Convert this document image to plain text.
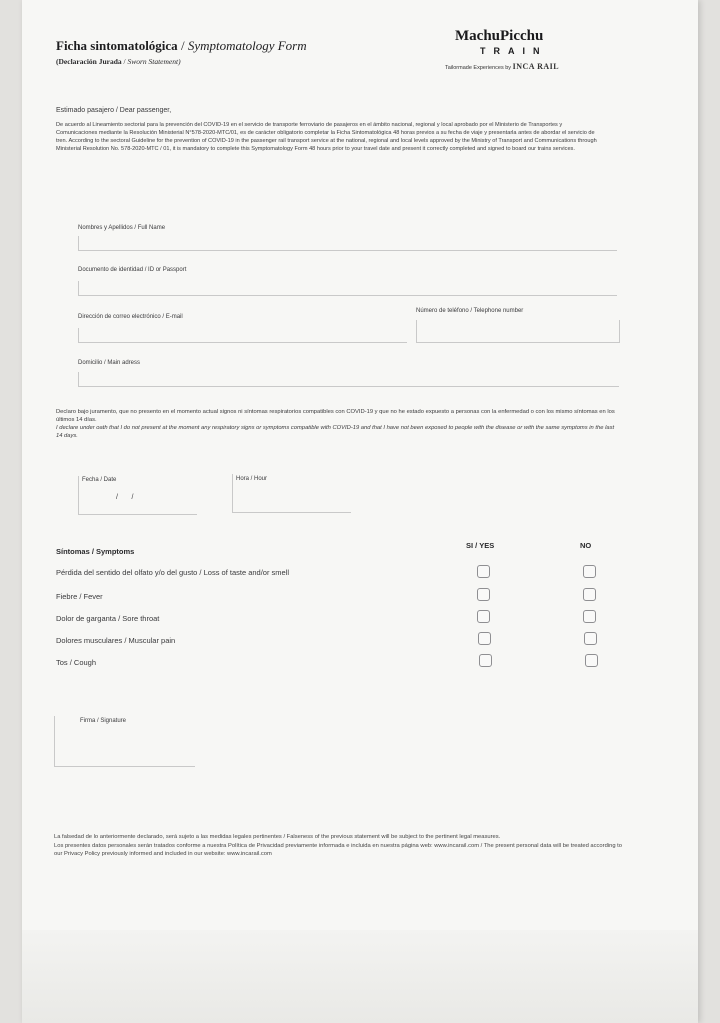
Ficha sintomatológica / Symptomatology Form
(Declaración Jurada / Sworn Statement)
MachuPicchu
TRAIN
Tailormade Experiences by INCA RAIL
Estimado pasajero / Dear passenger,
De acuerdo al Lineamiento sectorial para la prevención del COVID-19 en el servicio de transporte ferroviario de pasajeros en el ámbito nacional, regional y local aprobado por el Ministerio de Transportes y Comunicaciones mediante la Resolución Ministerial N°578-2020-MTC/01, es de carácter obligatorio completar la Ficha Sintomatológica 48 horas previos a su fecha de viaje y presentarla antes de abordar el servicio de tren. According to the sectoral Guideline for the prevention of COVID-19 in the passenger rail transport service at the national, regional and local levels approved by the Ministry of Transport and Communications through Ministerial Resolution No. 578-2020-MTC / 01, it is mandatory to complete this Symptomatology Form 48 hours prior to your travel date and present it correctly completed and signed to board our trains services.
Nombres y Apellidos / Full Name
Documento de identidad / ID or Passport
Dirección de correo electrónico / E-mail
Número de teléfono / Telephone number
Domicilio / Main adress
Declaro bajo juramento, que no presento en el momento actual signos ni síntomas respiratorios compatibles con COVID-19 y que no he estado expuesto a personas con la enfermedad o con los mismo síntomas en los últimos 14 días.
I declare under oath that I do not present at the moment any respiratory signs or symptoms compatible with COVID-19 and that I have not been exposed to people with the disease or with the same symptoms in the last 14 days.
Fecha / Date
/       /
Hora / Hour
Síntomas / Symptoms
SI / YES	NO
Pérdida del sentido del olfato y/o del gusto / Loss of taste and/or smell
Fiebre / Fever
Dolor de garganta / Sore throat
Dolores musculares / Muscular pain
Tos / Cough
Firma / Signature
La falsedad de lo anteriormente declarado, será sujeto a las medidas legales pertinentes / Falseness of the previous statement will be subject to the pertinent legal measures.
Los presentes datos personales serán tratados conforme a nuestra Política de Privacidad previamente informada e incluida en nuestra página web: www.incarail.com / The present personal data will be treated according to our Privacy Policy previously informed and included in our website: www.incarail.com
